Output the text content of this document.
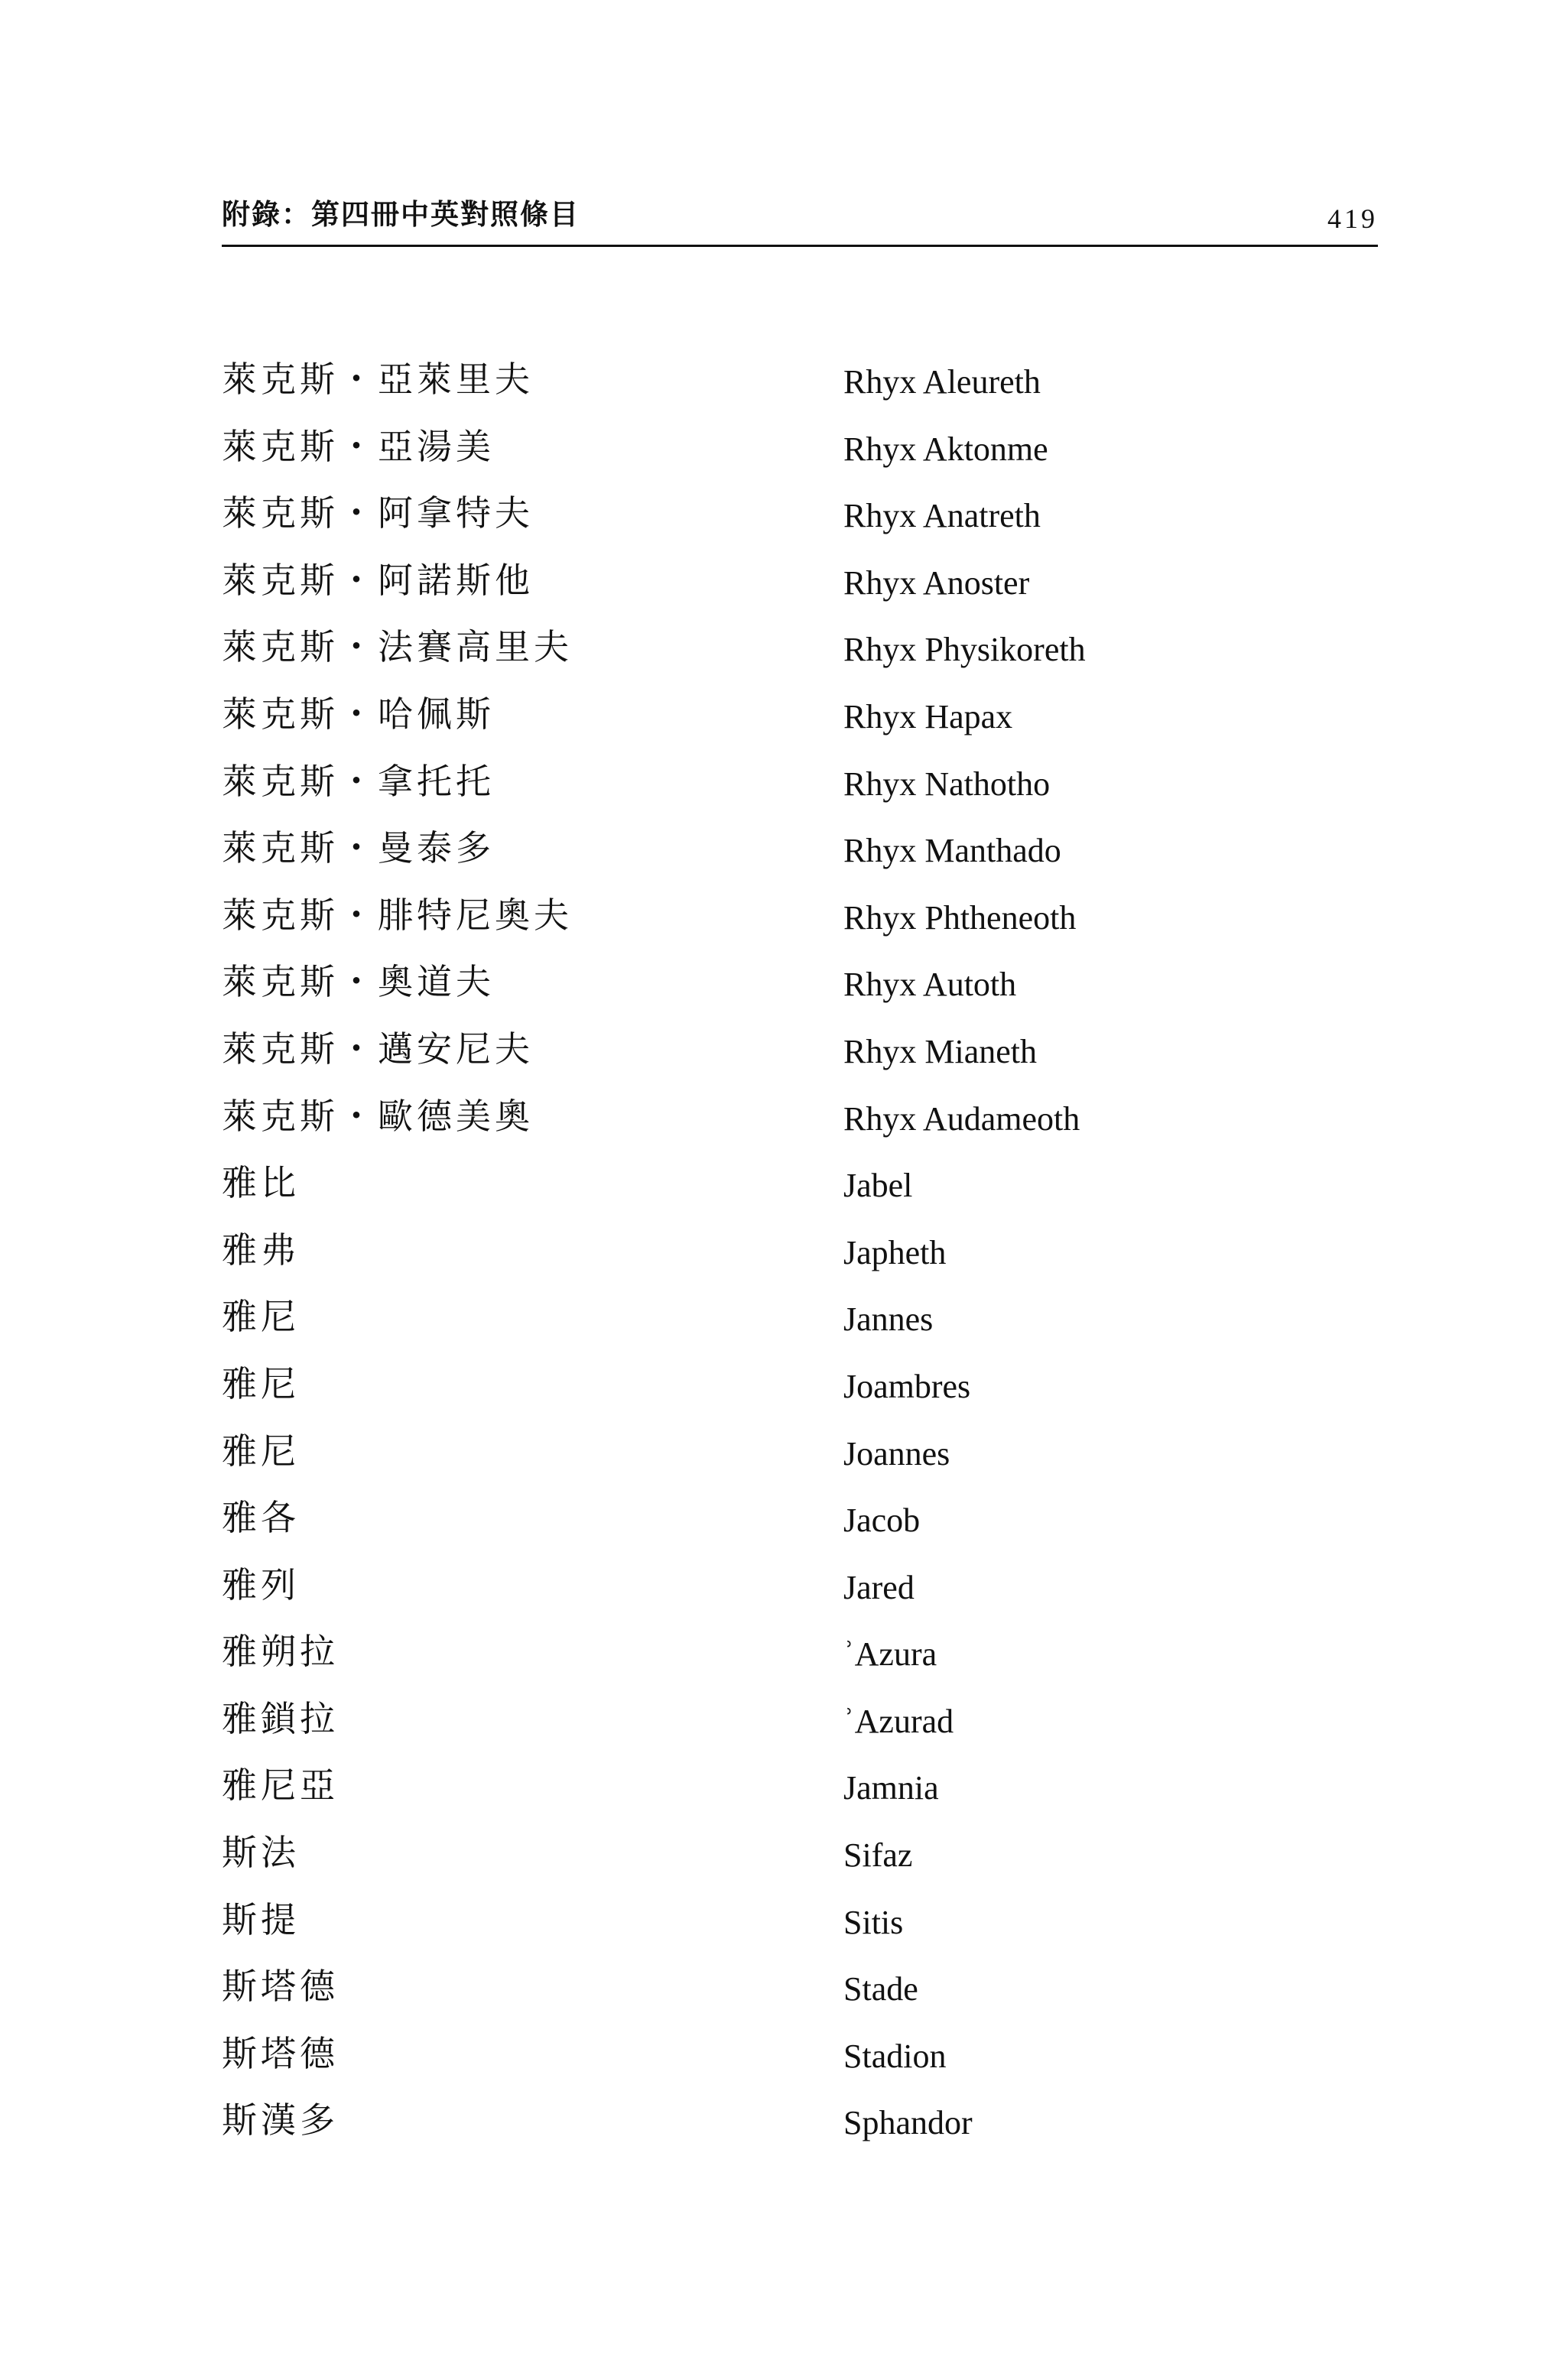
附錄：第四冊中英對照條目	419
萊克斯・亞萊里夫	Rhyx Aleureth
萊克斯・亞湯美	Rhyx Aktonme
萊克斯・阿拿特夫	Rhyx Anatreth
萊克斯・阿諾斯他	Rhyx Anoster
萊克斯・法賽高里夫	Rhyx Physikoreth
萊克斯・哈佩斯	Rhyx Hapax
萊克斯・拿托托	Rhyx Nathotho
萊克斯・曼泰多	Rhyx Manthado
萊克斯・腓特尼奧夫	Rhyx Phtheneoth
萊克斯・奧道夫	Rhyx Autoth
萊克斯・邁安尼夫	Rhyx Mianeth
萊克斯・歐德美奧	Rhyx Audameoth
雅比	Jabel
雅弗	Japheth
雅尼	Jannes
雅尼	Joambres
雅尼	Joannes
雅各	Jacob
雅列	Jared
雅朔拉	ʾAzura
雅鎖拉	ʾAzurad
雅尼亞	Jamnia
斯法	Sifaz
斯提	Sitis
斯塔德	Stade
斯塔德	Stadion
斯漢多	Sphandor
